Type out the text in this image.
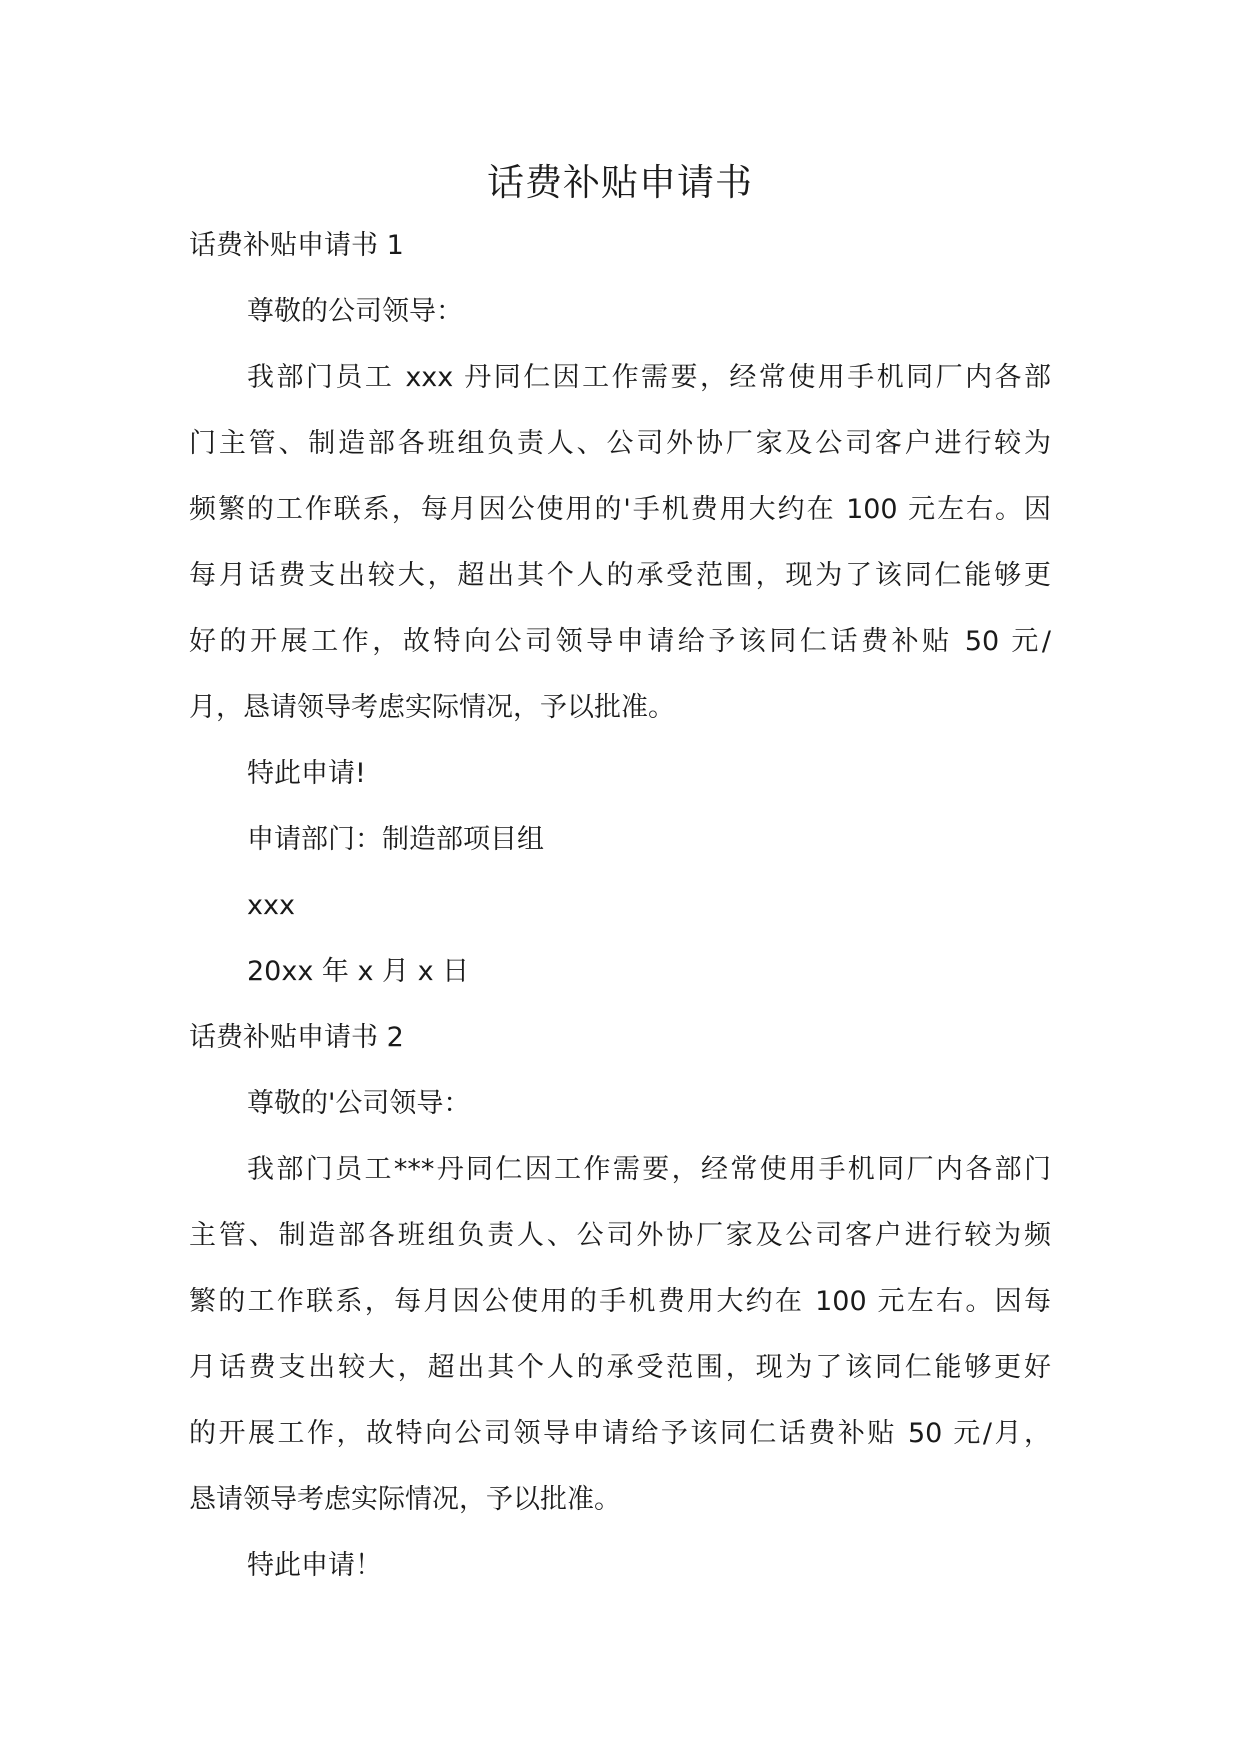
话费补贴申请书
话费补贴申请书 1
尊敬的公司领导：
我部门员工 xxx 丹同仁因工作需要，经常使用手机同厂内各部
门主管、制造部各班组负责人、公司外协厂家及公司客户进行较为
频繁的工作联系，每月因公使用的'手机费用大约在 100 元左右。因
每月话费支出较大，超出其个人的承受范围，现为了该同仁能够更
好的开展工作，故特向公司领导申请给予该同仁话费补贴 50 元/
月，恳请领导考虑实际情况，予以批准。
特此申请!
申请部门：制造部项目组
xxx
20xx 年 x 月 x 日
话费补贴申请书 2
尊敬的'公司领导：
我部门员工***丹同仁因工作需要，经常使用手机同厂内各部门
主管、制造部各班组负责人、公司外协厂家及公司客户进行较为频
繁的工作联系，每月因公使用的手机费用大约在 100 元左右。因每
月话费支出较大，超出其个人的承受范围，现为了该同仁能够更好
的开展工作，故特向公司领导申请给予该同仁话费补贴 50 元/月，
恳请领导考虑实际情况，予以批准。
特此申请！
